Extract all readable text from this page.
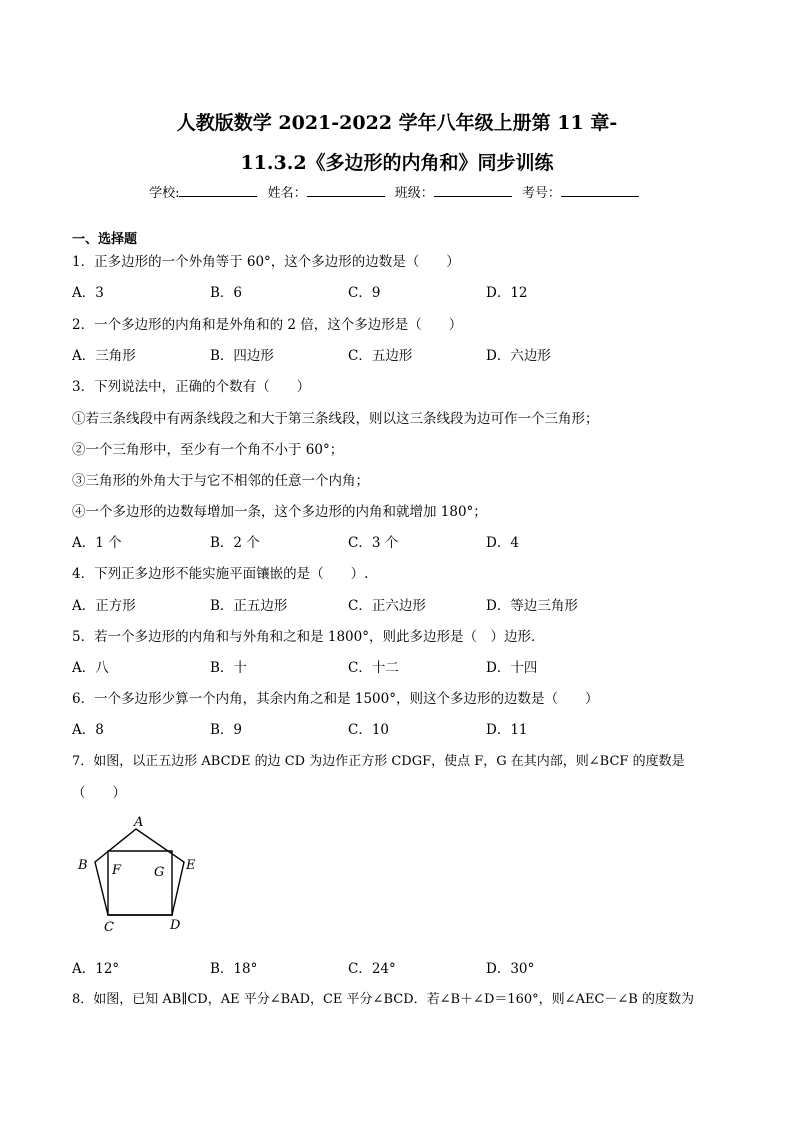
人教版数学 2021-2022 学年八年级上册第 11 章-
11.3.2《多边形的内角和》同步训练
学校:	姓名：	班级：	考号：
一、选择题
1．正多边形的一个外角等于 60°，这个多边形的边数是（　　）
A．3	B．6	C．9	D．12
2．一个多边形的内角和是外角和的 2 倍，这个多边形是（　　）
A．三角形	B．四边形	C．五边形	D．六边形
3．下列说法中，正确的个数有（　　）
①若三条线段中有两条线段之和大于第三条线段，则以这三条线段为边可作一个三角形；
②一个三角形中，至少有一个角不小于 60°；
③三角形的外角大于与它不相邻的任意一个内角；
④一个多边形的边数每增加一条，这个多边形的内角和就增加 180°；
A．1 个	B．2 个	C．3 个	D．4
4．下列正多边形不能实施平面镶嵌的是（　　）.
A．正方形	B．正五边形	C．正六边形	D．等边三角形
5．若一个多边形的内角和与外角和之和是 1800°，则此多边形是（　）边形．
A．八	B．十	C．十二	D．十四
6．一个多边形少算一个内角，其余内角之和是 1500°，则这个多边形的边数是（　　）
A．8	B．9	C．10	D．11
7．如图，以正五边形 ABCDE 的边 CD 为边作正方形 CDGF，使点 F，G 在其内部，则∠BCF 的度数是
（　　）
A
B	E
F	G
C	D
A．12°	B．18°	C．24°	D．30°
8．如图，已知 AB∥CD，AE 平分∠BAD，CE 平分∠BCD．若∠B＋∠D＝160°，则∠AEC－∠B 的度数为
